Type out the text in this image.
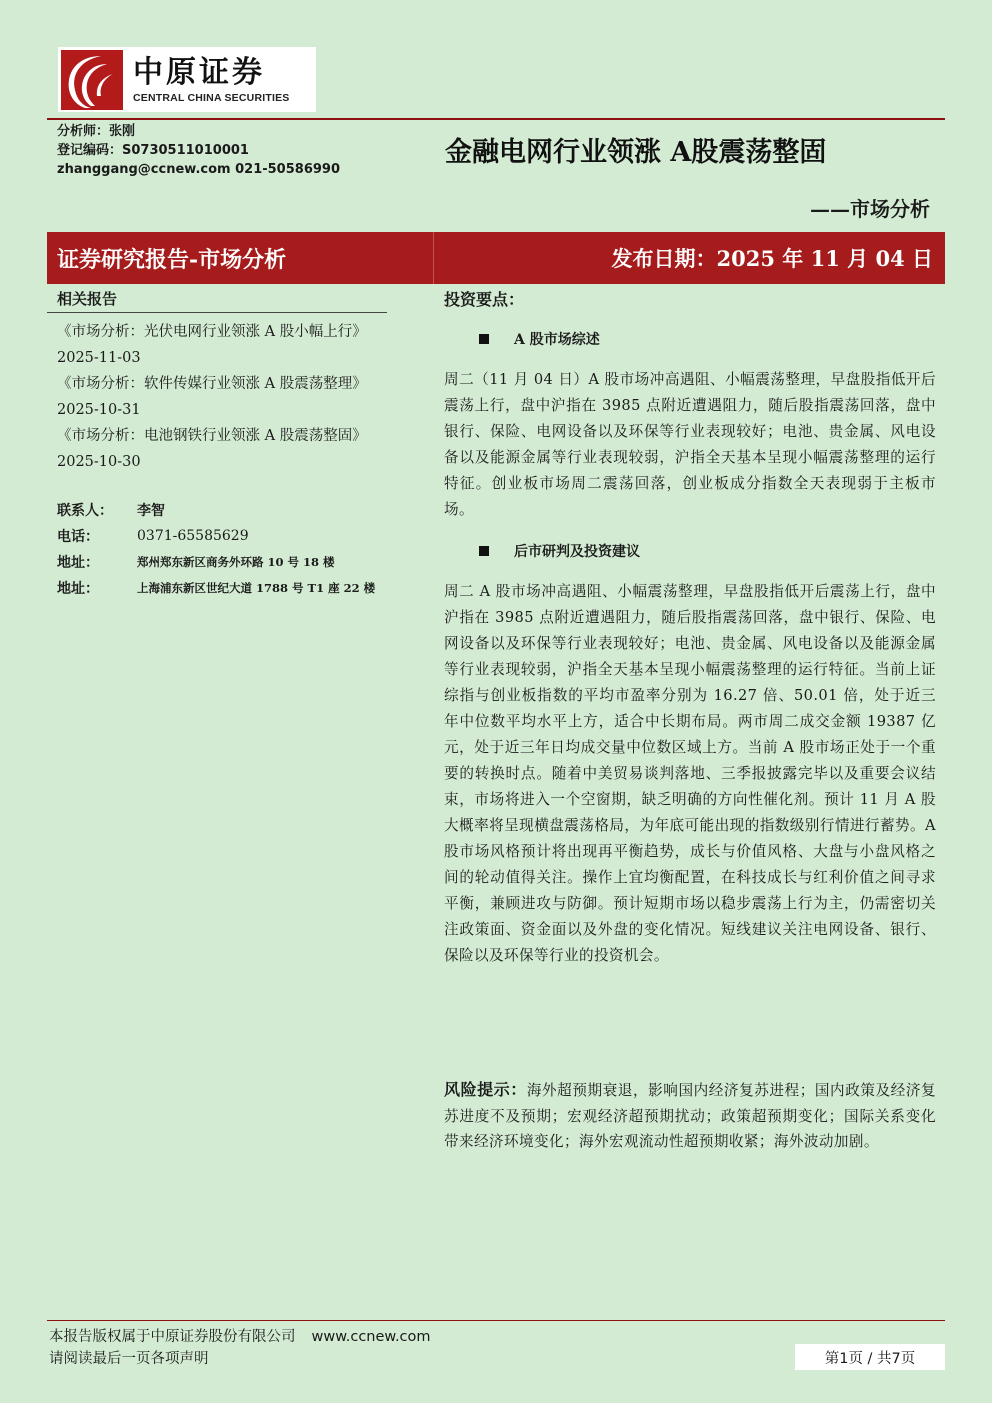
中原证券
CENTRAL CHINA SECURITIES
分析师：张刚
登记编码：S0730511010001
zhanggang@ccnew.com 021-50586990
金融电网行业领涨 A股震荡整固
——市场分析
证券研究报告-市场分析	发布日期：2025 年 11 月 04 日
相关报告
《市场分析：光伏电网行业领涨 A 股小幅上行》 2025-11-03
《市场分析：软件传媒行业领涨 A 股震荡整理》 2025-10-31
《市场分析：电池钢铁行业领涨 A 股震荡整固》 2025-10-30
联系人：	李智
电话：	0371-65585629
地址：	郑州郑东新区商务外环路 10 号 18 楼
地址：	上海浦东新区世纪大道 1788 号 T1 座 22 楼
投资要点：
A 股市场综述
周二（11 月 04 日）A 股市场冲高遇阻、小幅震荡整理，早盘股指低开后震荡上行，盘中沪指在 3985 点附近遭遇阻力，随后股指震荡回落，盘中银行、保险、电网设备以及环保等行业表现较好；电池、贵金属、风电设备以及能源金属等行业表现较弱，沪指全天基本呈现小幅震荡整理的运行特征。创业板市场周二震荡回落，创业板成分指数全天表现弱于主板市场。
后市研判及投资建议
周二 A 股市场冲高遇阻、小幅震荡整理，早盘股指低开后震荡上行，盘中沪指在 3985 点附近遭遇阻力，随后股指震荡回落，盘中银行、保险、电网设备以及环保等行业表现较好；电池、贵金属、风电设备以及能源金属等行业表现较弱，沪指全天基本呈现小幅震荡整理的运行特征。当前上证综指与创业板指数的平均市盈率分别为 16.27 倍、50.01 倍，处于近三年中位数平均水平上方，适合中长期布局。两市周二成交金额 19387 亿元，处于近三年日均成交量中位数区域上方。当前 A 股市场正处于一个重要的转换时点。随着中美贸易谈判落地、三季报披露完毕以及重要会议结束，市场将进入一个空窗期，缺乏明确的方向性催化剂。预计 11 月 A 股大概率将呈现横盘震荡格局，为年底可能出现的指数级别行情进行蓄势。A 股市场风格预计将出现再平衡趋势，成长与价值风格、大盘与小盘风格之间的轮动值得关注。操作上宜均衡配置，在科技成长与红利价值之间寻求平衡，兼顾进攻与防御。预计短期市场以稳步震荡上行为主，仍需密切关注政策面、资金面以及外盘的变化情况。短线建议关注电网设备、银行、保险以及环保等行业的投资机会。
风险提示：海外超预期衰退，影响国内经济复苏进程；国内政策及经济复苏进度不及预期；宏观经济超预期扰动；政策超预期变化；国际关系变化带来经济环境变化；海外宏观流动性超预期收紧；海外波动加剧。
本报告版权属于中原证券股份有限公司 www.ccnew.com
请阅读最后一页各项声明	第1页 / 共7页
